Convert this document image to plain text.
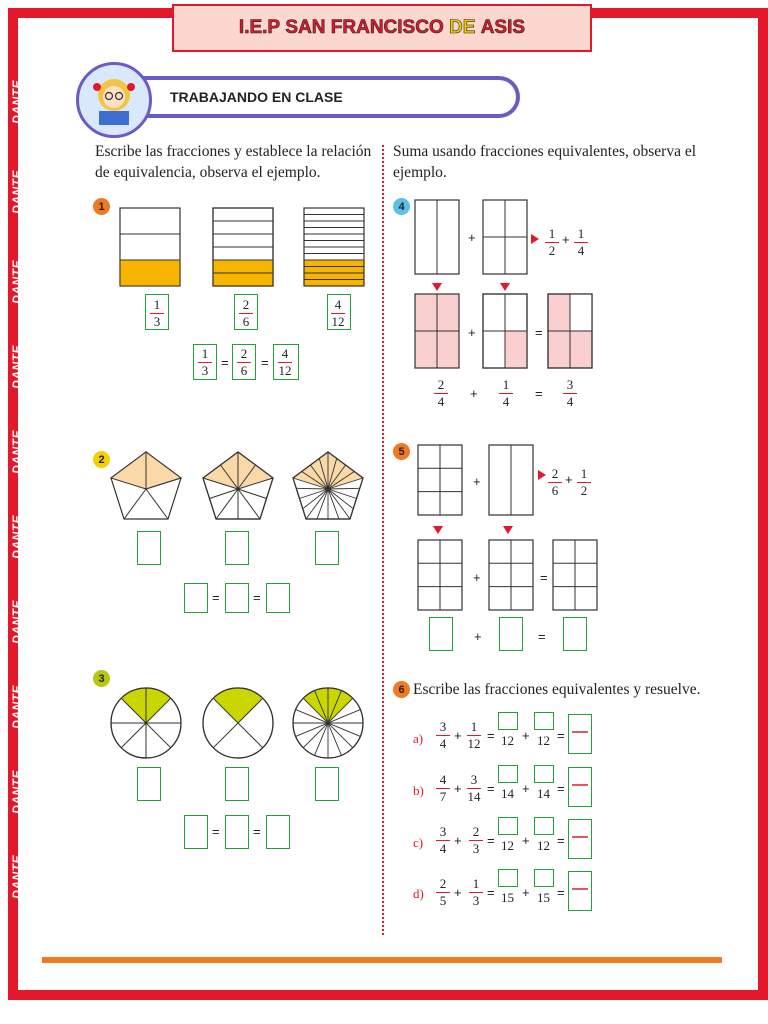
DANTE	DANTE	DANTE	DANTE
DANTE	DANTE	DANTE	DANTE	DANTE	DANTE	DANTE	DANTE
DANTE
DANTE
DANTE
DANTE
DANTE
DANTE
DANTE
DANTE
DANTE
DANTE
DANTE
DANTE
DANTE
DANTE
DANTE
DANTE
DANTE
DANTE
DANTE
DANTE
I.E.P
SAN FRANCISCO
DE
ASIS
TRABAJANDO EN CLASE
Escribe las fracciones y establece la relación de equivalencia, observa el ejemplo.
Suma usando fracciones equivalentes, observa el ejemplo.
1
1
3
2
6
4
12
1
3
=
2
6
=
4
12
2
=	=
3
=	=
4
+	1
2
+ 1
4
+	=
2
4
+
1
4
=
3
4
5
+
2
6
+ 1
2
+	=
+	=
6 Escribe las fracciones equivalentes y resuelve.
a)
3
4
+
1
12
= 12 + 12 =
b)
4
7
+
3
14
= 14 + 14 =
c)
3
4
+
2
3
= 12 + 12 =
d)
2
5
+
1
3
= 15 + 15 =
